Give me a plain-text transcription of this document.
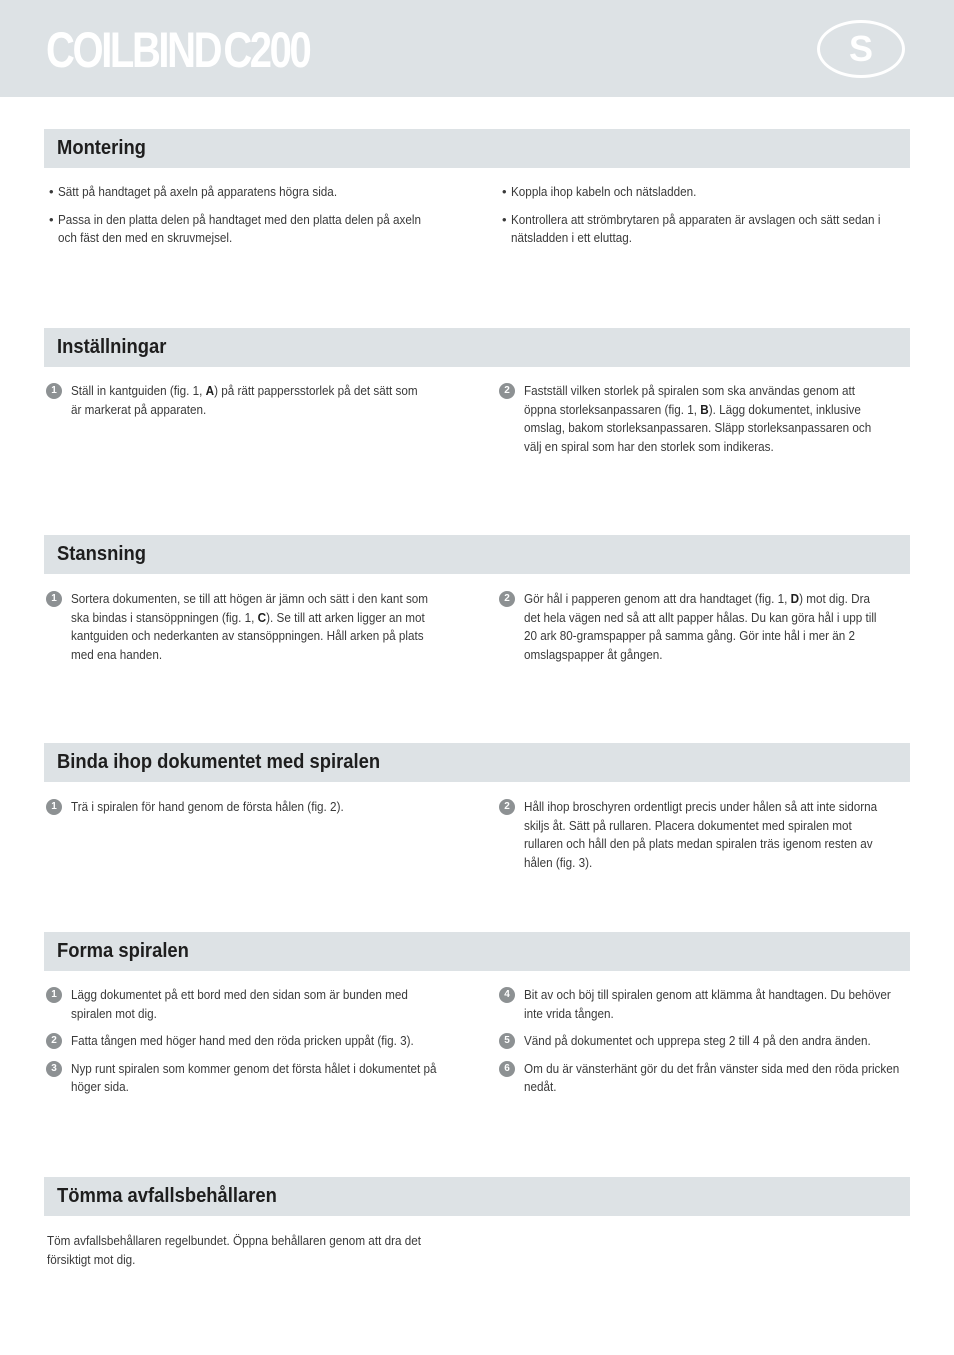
COILBINDC200	S
Montering
• Sätt på handtaget på axeln på apparatens högra sida.
• Passa in den platta delen på handtaget med den platta delen på axeln och fäst den med en skruvmejsel.
• Koppla ihop kabeln och nätsladden.
• Kontrollera att strömbrytaren på apparaten är avslagen och sätt sedan i nätsladden i ett eluttag.
Inställningar
1	Ställ in kantguiden (fig. 1, A) på rätt pappersstorlek på det sätt som är markerat på apparaten.
2	Fastställ vilken storlek på spiralen som ska användas genom att öppna storleksanpassaren (fig. 1, B). Lägg dokumentet, inklusive omslag, bakom storleksanpassaren. Släpp storleksanpassaren och välj en spiral som har den storlek som indikeras.
Stansning
1	Sortera dokumenten, se till att högen är jämn och sätt i den kant som ska bindas i stansöppningen (fig. 1, C). Se till att arken ligger an mot kantguiden och nederkanten av stansöppningen. Håll arken på plats med ena handen.
2	Gör hål i papperen genom att dra handtaget (fig. 1, D) mot dig. Dra det hela vägen ned så att allt papper hålas. Du kan göra hål i upp till 20 ark 80-gramspapper på samma gång. Gör inte hål i mer än 2 omslagspapper åt gången.
Binda ihop dokumentet med spiralen
1	Trä i spiralen för hand genom de första hålen (fig. 2).	2	Håll ihop broschyren ordentligt precis under hålen så att inte sidorna skiljs åt. Sätt på rullaren. Placera dokumentet med spiralen mot rullaren och håll den på plats medan spiralen träs igenom resten av hålen (fig. 3).
Forma spiralen
1	Lägg dokumentet på ett bord med den sidan som är bunden med spiralen mot dig.
2	Fatta tången med höger hand med den röda pricken uppåt (fig. 3).
3	Nyp runt spiralen som kommer genom det första hålet i dokumentet på höger sida.
4	Bit av och böj till spiralen genom att klämma åt handtagen. Du behöver inte vrida tången.
5	Vänd på dokumentet och upprepa steg 2 till 4 på den andra änden.
6	Om du är vänsterhänt gör du det från vänster sida med den röda pricken nedåt.
Tömma avfallsbehållaren
Töm avfallsbehållaren regelbundet. Öppna behållaren genom att dra det försiktigt mot dig.
